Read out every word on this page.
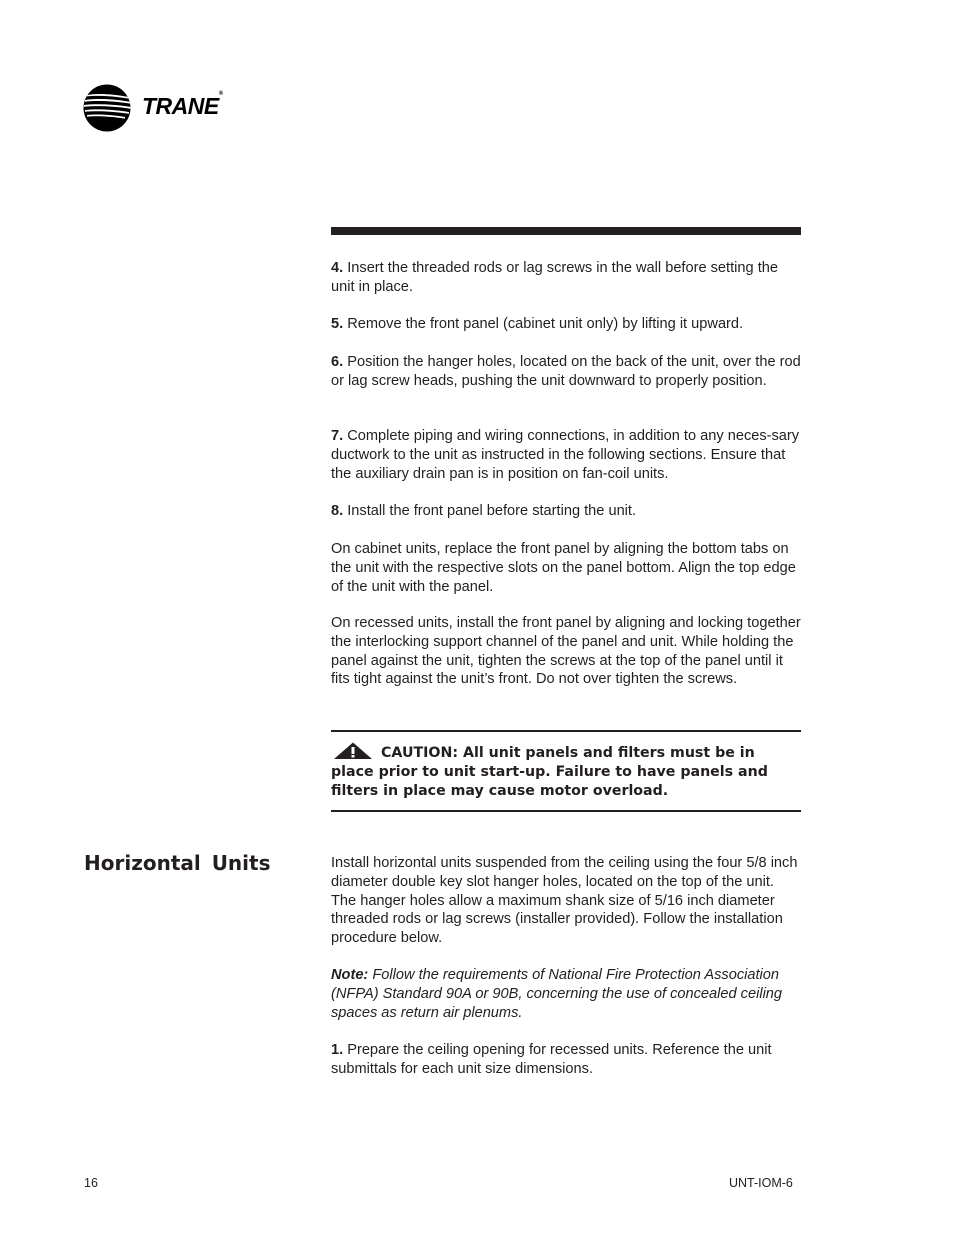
TRANE®

4. Insert the threaded rods or lag screws in the wall before setting the unit in place.

5. Remove the front panel (cabinet unit only) by lifting it upward.

6. Position the hanger holes, located on the back of the unit, over the rod or lag screw heads, pushing the unit downward to properly position.

7. Complete piping and wiring connections, in addition to any neces-sary ductwork to the unit as instructed in the following sections. Ensure that the auxiliary drain pan is in position on fan-coil units.

8. Install the front panel before starting the unit.

On cabinet units, replace the front panel by aligning the bottom tabs on the unit with the respective slots on the panel bottom. Align the top edge of the unit with the panel.

On recessed units, install the front panel by aligning and locking together the interlocking support channel of the panel and unit. While holding the panel against the unit, tighten the screws at the top of the panel until it fits tight against the unit’s front. Do not over tighten the screws.

CAUTION: All unit panels and filters must be in place prior to unit start-up. Failure to have panels and filters in place may cause motor overload.
Horizontal Units	Install horizontal units suspended from the ceiling using the four 5/8 inch diameter double key slot hanger holes, located on the top of the unit. The hanger holes allow a maximum shank size of 5/16 inch diameter threaded rods or lag screws (installer provided). Follow the installation procedure below.

Note: Follow the requirements of National Fire Protection Association (NFPA) Standard 90A or 90B, concerning the use of concealed ceiling spaces as return air plenums.

1. Prepare the ceiling opening for recessed units. Reference the unit submittals for each unit size dimensions.

16	UNT-IOM-6
